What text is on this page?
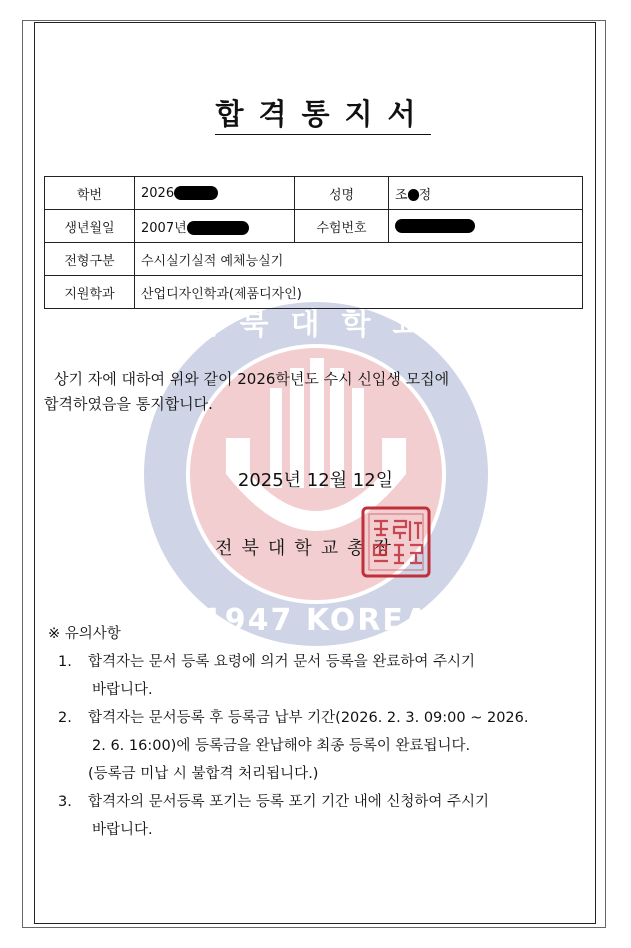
전북대학교
1947 KOREA
합격통지서
학번	2026	성명	조 정
생년월일	2007년	수험번호	
전형구분	수시실기실적 예체능실기		
지원학과	산업디자인학과(제품디자인)		

상기 자에 대하여 위와 같이 2026학년도 수시 신입생 모집에

합격하였음을 통지합니다.

2025년 12월 12일
전북대학교총장

※ 유의사항

1. 합격자는 문서 등록 요령에 의거 문서 등록을 완료하여 주시기
바랍니다.
2. 합격자는 문서등록 후 등록금 납부 기간(2026. 2. 3. 09:00 ~ 2026.
2. 6. 16:00)에 등록금을 완납해야 최종 등록이 완료됩니다.
(등록금 미납 시 불합격 처리됩니다.)
3. 합격자의 문서등록 포기는 등록 포기 기간 내에 신청하여 주시기
바랍니다.
